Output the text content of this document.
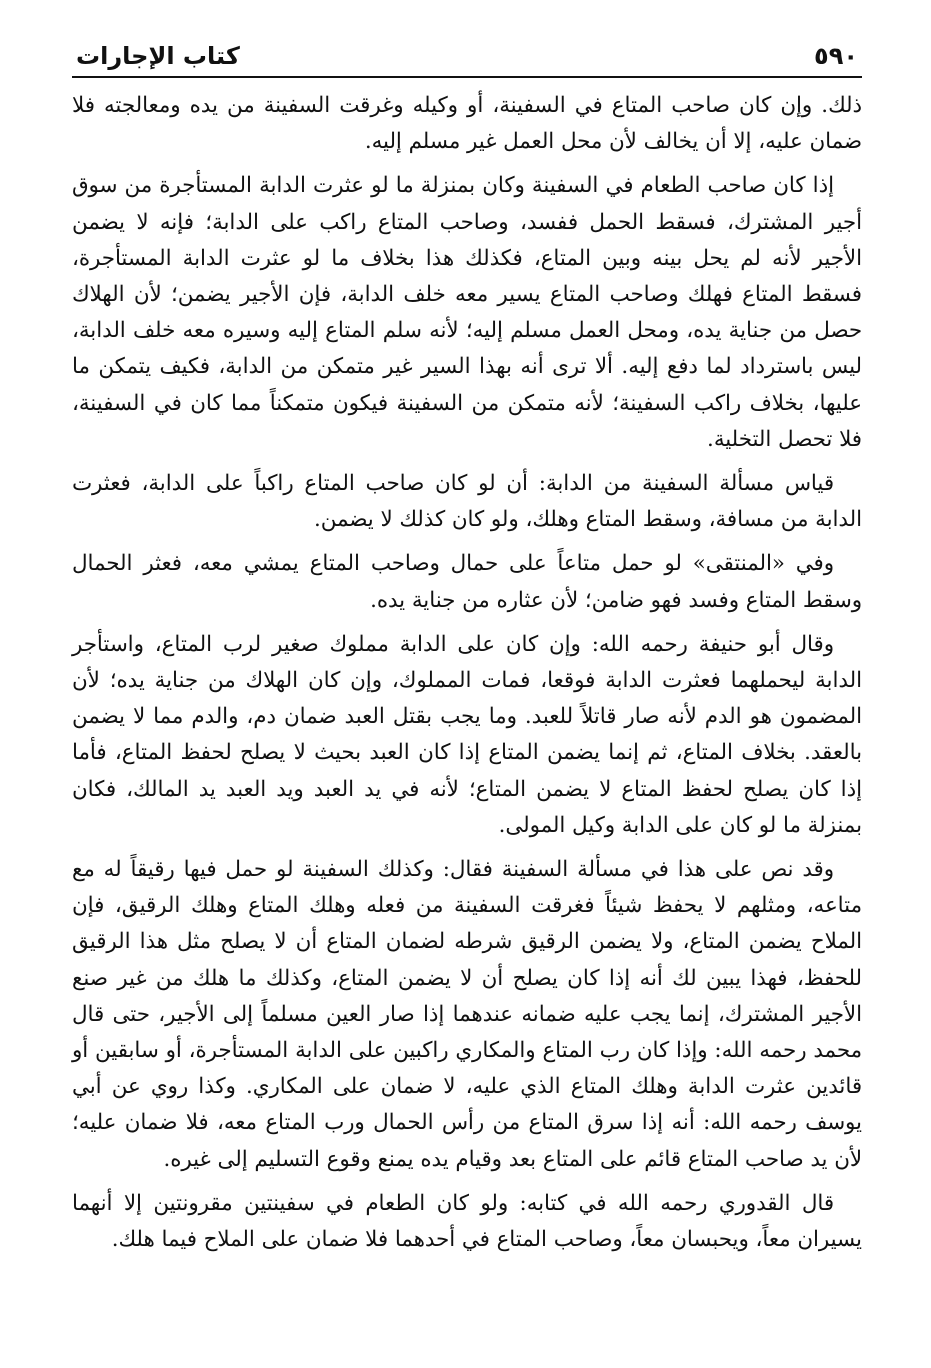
٥٩٠
كتاب الإجارات

ذلك. وإن كان صاحب المتاع في السفينة، أو وكيله وغرقت السفينة من يده ومعالجته فلا ضمان عليه، إلا أن يخالف لأن محل العمل غير مسلم إليه.

إذا كان صاحب الطعام في السفينة وكان بمنزلة ما لو عثرت الدابة المستأجرة من سوق أجير المشترك، فسقط الحمل ففسد، وصاحب المتاع راكب على الدابة؛ فإنه لا يضمن الأجير لأنه لم يحل بينه وبين المتاع، فكذلك هذا بخلاف ما لو عثرت الدابة المستأجرة، فسقط المتاع فهلك وصاحب المتاع يسير معه خلف الدابة، فإن الأجير يضمن؛ لأن الهلاك حصل من جناية يده، ومحل العمل مسلم إليه؛ لأنه سلم المتاع إليه وسيره معه خلف الدابة، ليس باسترداد لما دفع إليه. ألا ترى أنه بهذا السير غير متمكن من الدابة، فكيف يتمكن ما عليها، بخلاف راكب السفينة؛ لأنه متمكن من السفينة فيكون متمكناً مما كان في السفينة، فلا تحصل التخلية.

قياس مسألة السفينة من الدابة: أن لو كان صاحب المتاع راكباً على الدابة، فعثرت الدابة من مسافة، وسقط المتاع وهلك، ولو كان كذلك لا يضمن.

وفي «المنتقى» لو حمل متاعاً على حمال وصاحب المتاع يمشي معه، فعثر الحمال وسقط المتاع وفسد فهو ضامن؛ لأن عثاره من جناية يده.

وقال أبو حنيفة رحمه الله: وإن كان على الدابة مملوك صغير لرب المتاع، واستأجر الدابة ليحملهما فعثرت الدابة فوقعا، فمات المملوك، وإن كان الهلاك من جناية يده؛ لأن المضمون هو الدم لأنه صار قاتلاً للعبد. وما يجب بقتل العبد ضمان دم، والدم مما لا يضمن بالعقد. بخلاف المتاع، ثم إنما يضمن المتاع إذا كان العبد بحيث لا يصلح لحفظ المتاع، فأما إذا كان يصلح لحفظ المتاع لا يضمن المتاع؛ لأنه في يد العبد ويد العبد يد المالك، فكان بمنزلة ما لو كان على الدابة وكيل المولى.

وقد نص على هذا في مسألة السفينة فقال: وكذلك السفينة لو حمل فيها رقيقاً له مع متاعه، ومثلهم لا يحفظ شيئاً فغرقت السفينة من فعله وهلك المتاع وهلك الرقيق، فإن الملاح يضمن المتاع، ولا يضمن الرقيق شرطه لضمان المتاع أن لا يصلح مثل هذا الرقيق للحفظ، فهذا يبين لك أنه إذا كان يصلح أن لا يضمن المتاع، وكذلك ما هلك من غير صنع الأجير المشترك، إنما يجب عليه ضمانه عندهما إذا صار العين مسلماً إلى الأجير، حتى قال محمد رحمه الله: وإذا كان رب المتاع والمكاري راكبين على الدابة المستأجرة، أو سابقين أو قائدين عثرت الدابة وهلك المتاع الذي عليه، لا ضمان على المكاري. وكذا روي عن أبي يوسف رحمه الله: أنه إذا سرق المتاع من رأس الحمال ورب المتاع معه، فلا ضمان عليه؛ لأن يد صاحب المتاع قائم على المتاع بعد وقيام يده يمنع وقوع التسليم إلى غيره.

قال القدوري رحمه الله في كتابه: ولو كان الطعام في سفينتين مقرونتين إلا أنهما يسيران معاً، ويحبسان معاً، وصاحب المتاع في أحدهما فلا ضمان على الملاح فيما هلك.
